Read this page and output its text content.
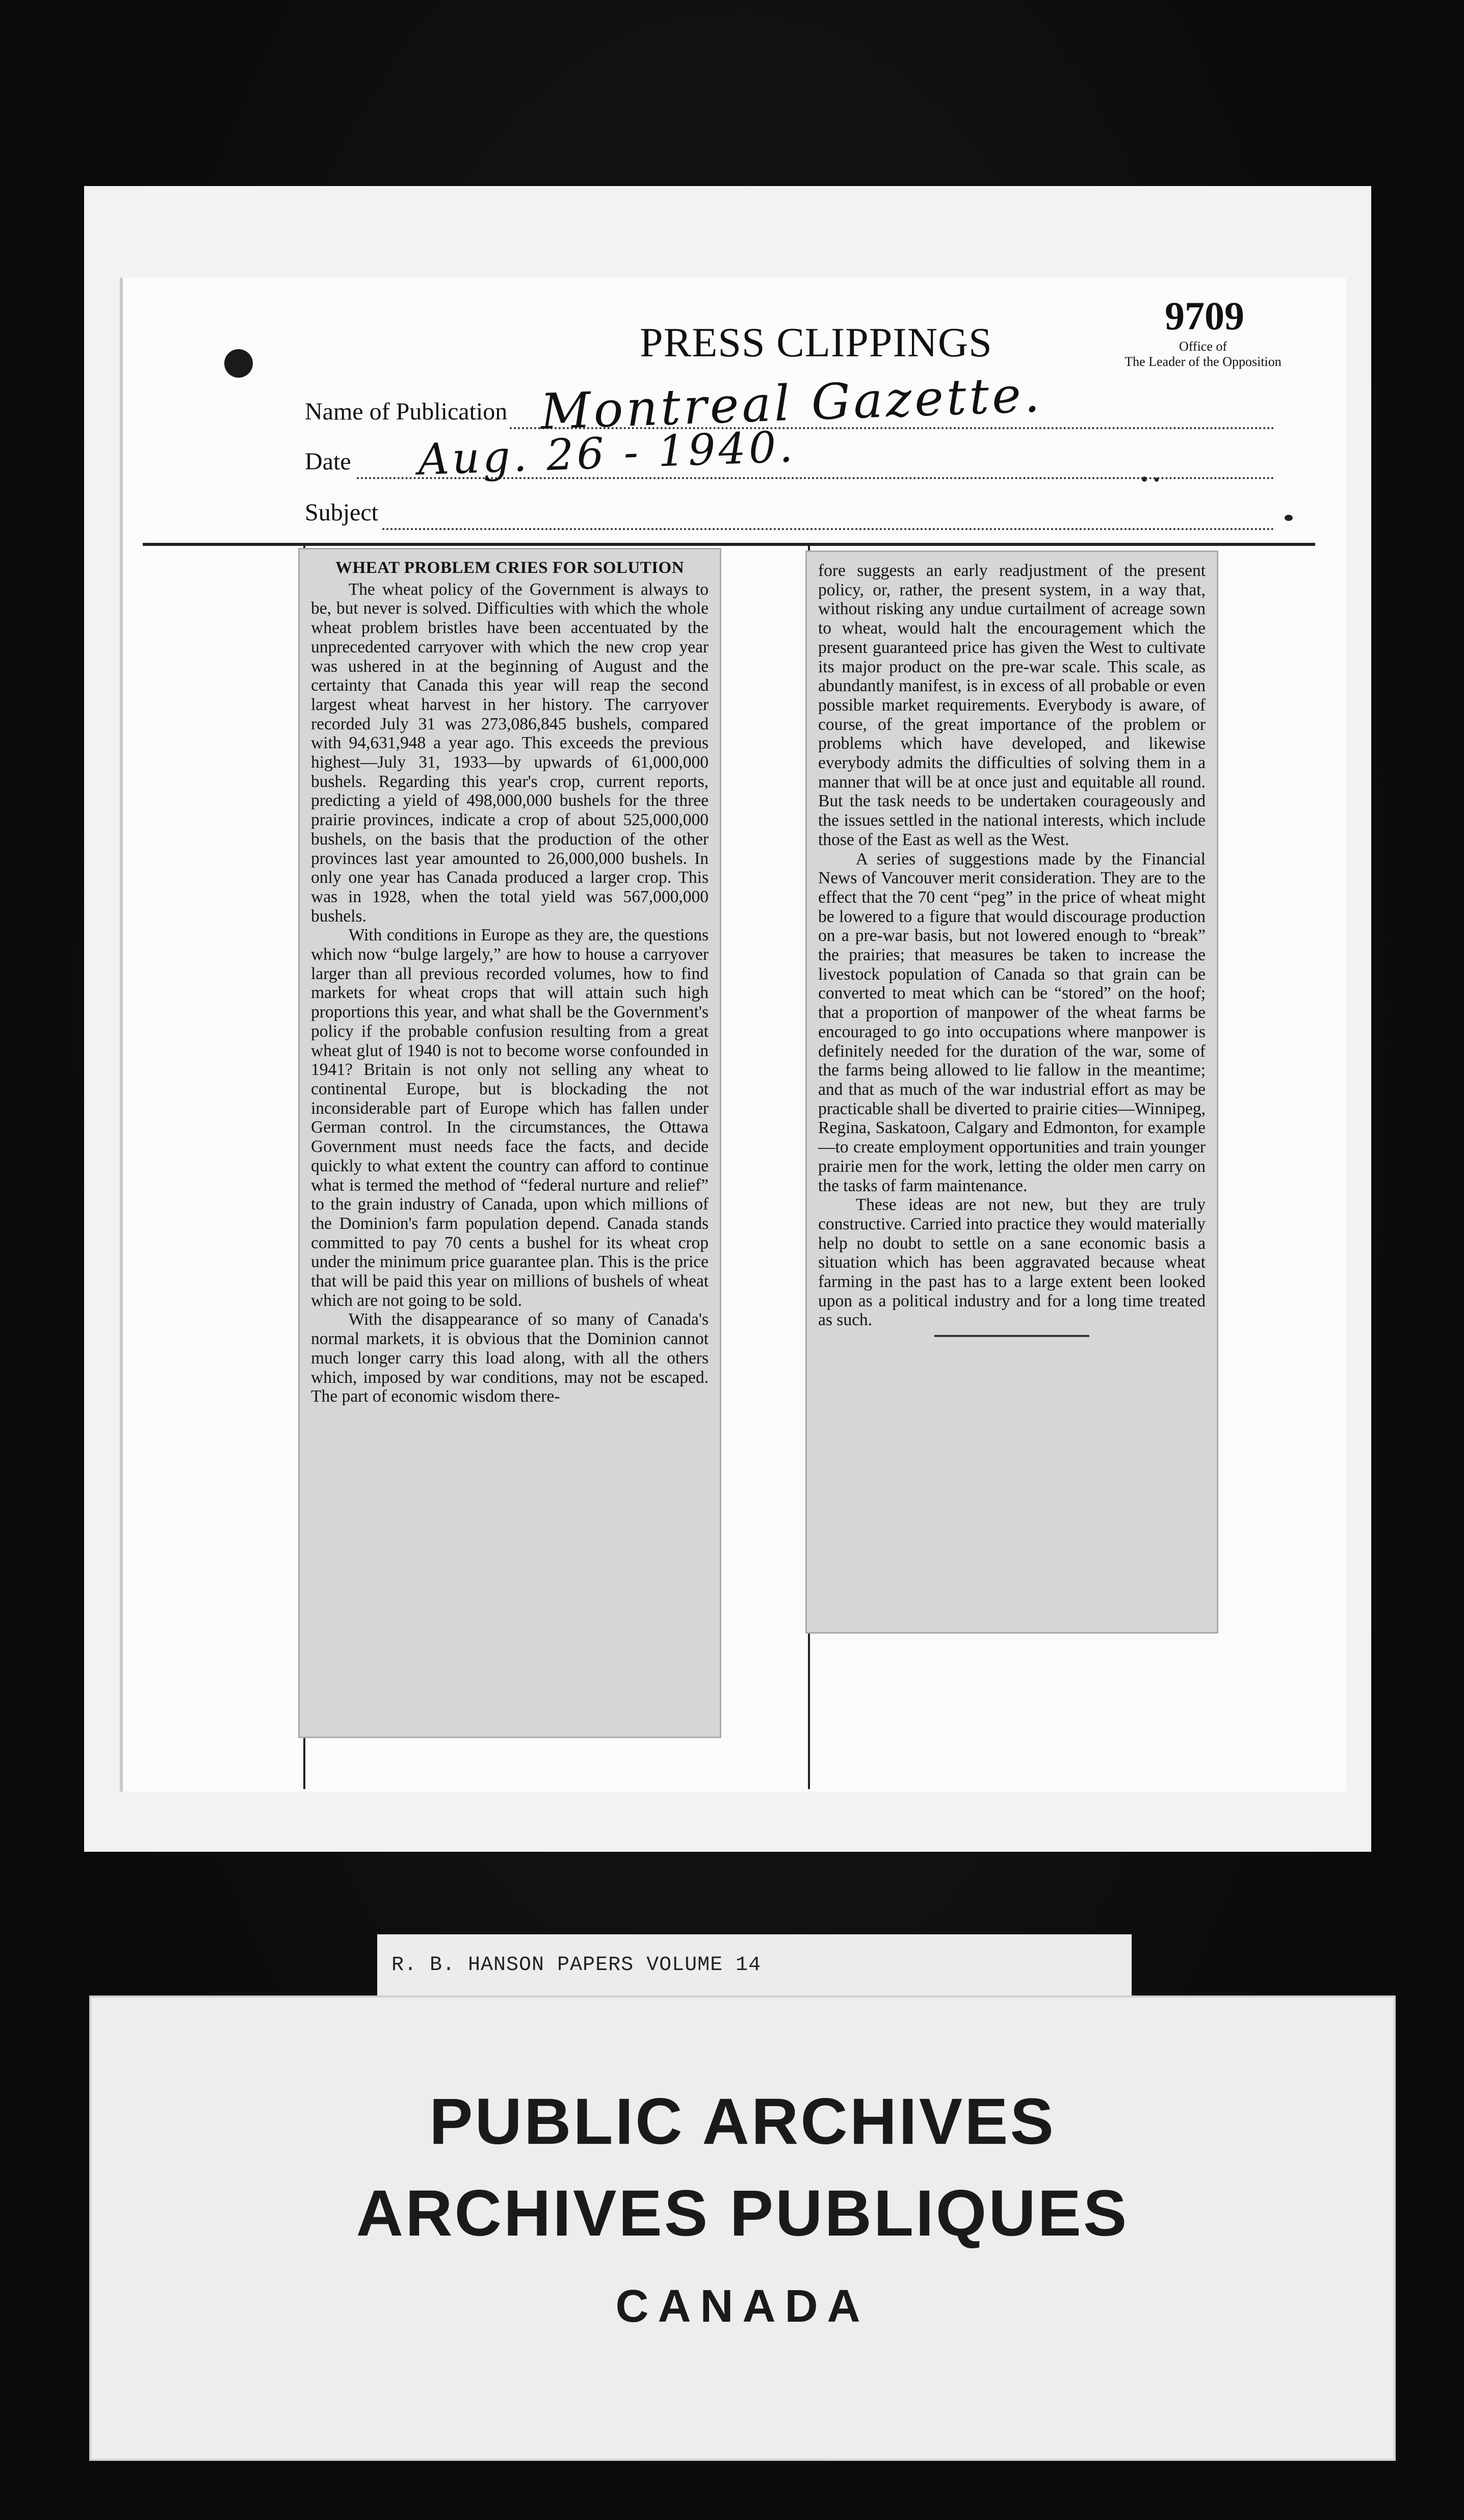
PRESS CLIPPINGS
9709
Office of
The Leader of the Opposition
Name of Publication Montreal Gazette.
Date Aug. 26 - 1940.
Subject

WHEAT PROBLEM CRIES FOR SOLUTION

The wheat policy of the Government is always to be, but never is solved. Difficulties with which the whole wheat problem bristles have been accentuated by the unprecedented carryover with which the new crop year was ushered in at the beginning of August and the certainty that Canada this year will reap the second largest wheat harvest in her history. The carryover recorded July 31 was 273,086,845 bushels, compared with 94,631,948 a year ago. This exceeds the previous highest—July 31, 1933—by upwards of 61,000,000 bushels. Regarding this year's crop, current reports, predicting a yield of 498,000,000 bushels for the three prairie provinces, indicate a crop of about 525,000,000 bushels, on the basis that the production of the other provinces last year amounted to 26,000,000 bushels. In only one year has Canada produced a larger crop. This was in 1928, when the total yield was 567,000,000 bushels.

With conditions in Europe as they are, the questions which now “bulge largely,” are how to house a carryover larger than all previous recorded volumes, how to find markets for wheat crops that will attain such high proportions this year, and what shall be the Government's policy if the probable confusion resulting from a great wheat glut of 1940 is not to become worse confounded in 1941? Britain is not only not selling any wheat to continental Europe, but is blockading the not inconsiderable part of Europe which has fallen under German control. In the circumstances, the Ottawa Government must needs face the facts, and decide quickly to what extent the country can afford to continue what is termed the method of “federal nurture and relief” to the grain industry of Canada, upon which millions of the Dominion's farm population depend. Canada stands committed to pay 70 cents a bushel for its wheat crop under the minimum price guarantee plan. This is the price that will be paid this year on millions of bushels of wheat which are not going to be sold.

With the disappearance of so many of Canada's normal markets, it is obvious that the Dominion cannot much longer carry this load along, with all the others which, imposed by war conditions, may not be escaped. The part of economic wisdom there-

fore suggests an early readjustment of the present policy, or, rather, the present system, in a way that, without risking any undue curtailment of acreage sown to wheat, would halt the encouragement which the present guaranteed price has given the West to cultivate its major product on the pre-war scale. This scale, as abundantly manifest, is in excess of all probable or even possible market requirements. Everybody is aware, of course, of the great importance of the problem or problems which have developed, and likewise everybody admits the difficulties of solving them in a manner that will be at once just and equitable all round. But the task needs to be undertaken courageously and the issues settled in the national interests, which include those of the East as well as the West.

A series of suggestions made by the Financial News of Vancouver merit consideration. They are to the effect that the 70 cent “peg” in the price of wheat might be lowered to a figure that would discourage production on a pre-war basis, but not lowered enough to “break” the prairies; that measures be taken to increase the livestock population of Canada so that grain can be converted to meat which can be “stored” on the hoof; that a proportion of manpower of the wheat farms be encouraged to go into occupations where manpower is definitely needed for the duration of the war, some of the farms being allowed to lie fallow in the meantime; and that as much of the war industrial effort as may be practicable shall be diverted to prairie cities—Winnipeg, Regina, Saskatoon, Calgary and Edmonton, for example—to create employment opportunities and train younger prairie men for the work, letting the older men carry on the tasks of farm maintenance.

These ideas are not new, but they are truly constructive. Carried into practice they would materially help no doubt to settle on a sane economic basis a situation which has been aggravated because wheat farming in the past has to a large extent been looked upon as a political industry and for a long time treated as such.

R. B. HANSON PAPERS VOLUME 14
PUBLIC ARCHIVES
ARCHIVES PUBLIQUES
CANADA
